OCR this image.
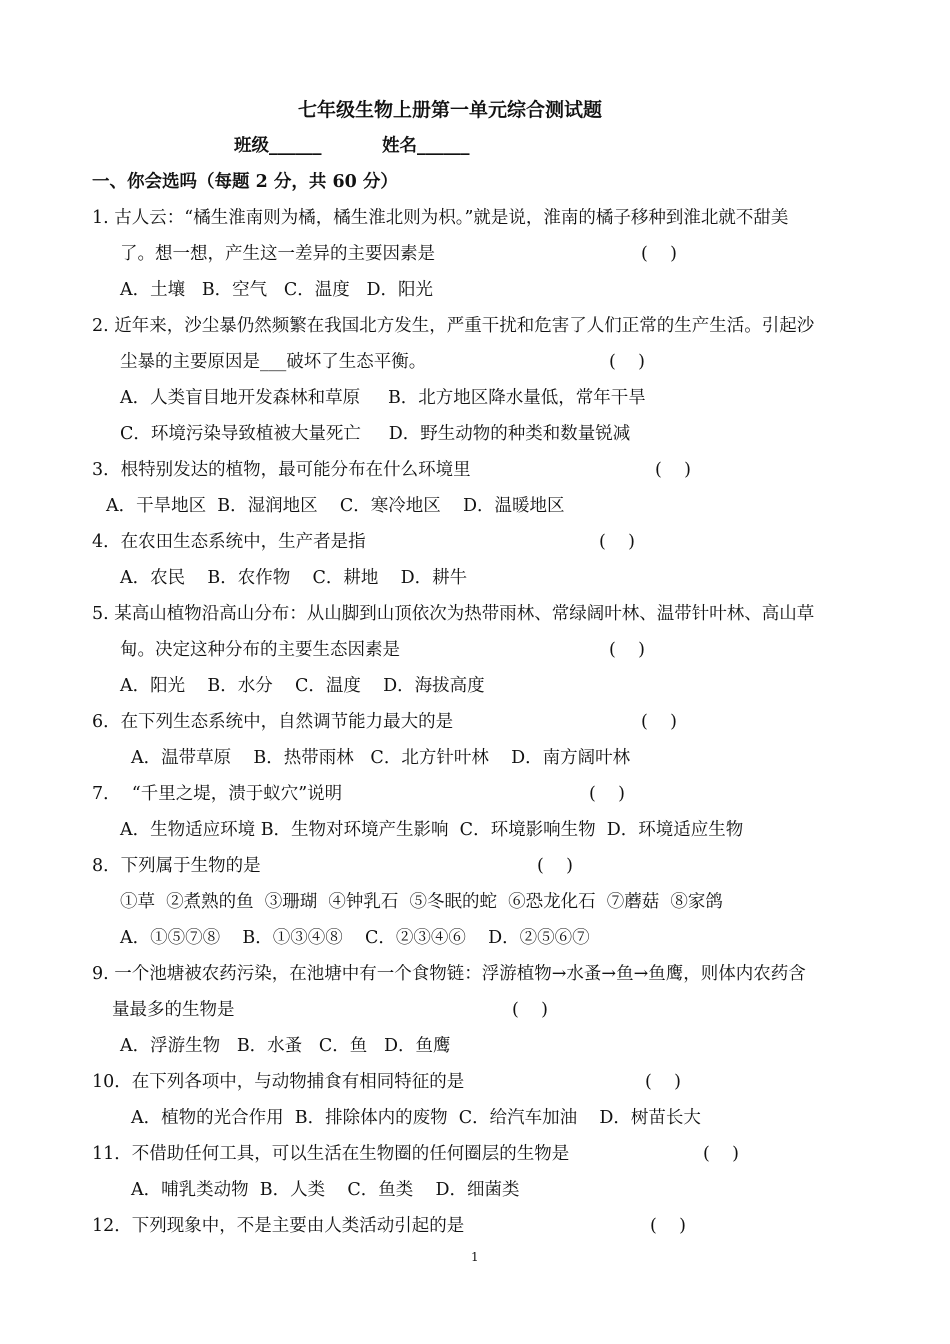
七年级生物上册第一单元综合测试题
班级______	姓名______
一、你会选吗（每题 2 分，共 60 分）
1. 古人云：“橘生淮南则为橘，橘生淮北则为枳。”就是说，淮南的橘子移种到淮北就不甜美
了。想一想，产生这一差异的主要因素是	(    )
A．土壤   B．空气   C．温度   D．阳光
2. 近年来，沙尘暴仍然频繁在我国北方发生，严重干扰和危害了人们正常的生产生活。引起沙
尘暴的主要原因是___破坏了生态平衡。	(    )
A．人类盲目地开发森林和草原     B．北方地区降水量低，常年干旱
C．环境污染导致植被大量死亡     D．野生动物的种类和数量锐减
3．根特别发达的植物，最可能分布在什么环境里	(    )
A．干旱地区  B．湿润地区    C．寒冷地区    D．温暖地区
4．在农田生态系统中，生产者是指	(    )
A．农民    B．农作物    C．耕地    D．耕牛
5. 某高山植物沿高山分布：从山脚到山顶依次为热带雨林、常绿阔叶林、温带针叶林、高山草
甸。决定这种分布的主要生态因素是	(    )
A．阳光    B．水分    C．温度    D．海拔高度
6．在下列生态系统中，自然调节能力最大的是	(    )
A．温带草原    B．热带雨林   C．北方针叶林    D．南方阔叶林
7．  “千里之堤，溃于蚁穴”说明	(    )
A．生物适应环境 B．生物对环境产生影响  C．环境影响生物  D．环境适应生物
8．下列属于生物的是	(    )
①草  ②煮熟的鱼  ③珊瑚  ④钟乳石  ⑤冬眠的蛇  ⑥恐龙化石  ⑦蘑菇  ⑧家鸽
A．①⑤⑦⑧    B．①③④⑧    C．②③④⑥    D．②⑤⑥⑦
9. 一个池塘被农药污染，在池塘中有一个食物链：浮游植物→水蚤→鱼→鱼鹰，则体内农药含
量最多的生物是	(    )
A．浮游生物   B．水蚤   C．鱼   D．鱼鹰
10．在下列各项中，与动物捕食有相同特征的是	(    )
A．植物的光合作用  B．排除体内的废物  C．给汽车加油    D．树苗长大
11．不借助任何工具，可以生活在生物圈的任何圈层的生物是	(    )
A．哺乳类动物  B．人类    C．鱼类    D．细菌类
12．下列现象中，不是主要由人类活动引起的是	(    )
1
